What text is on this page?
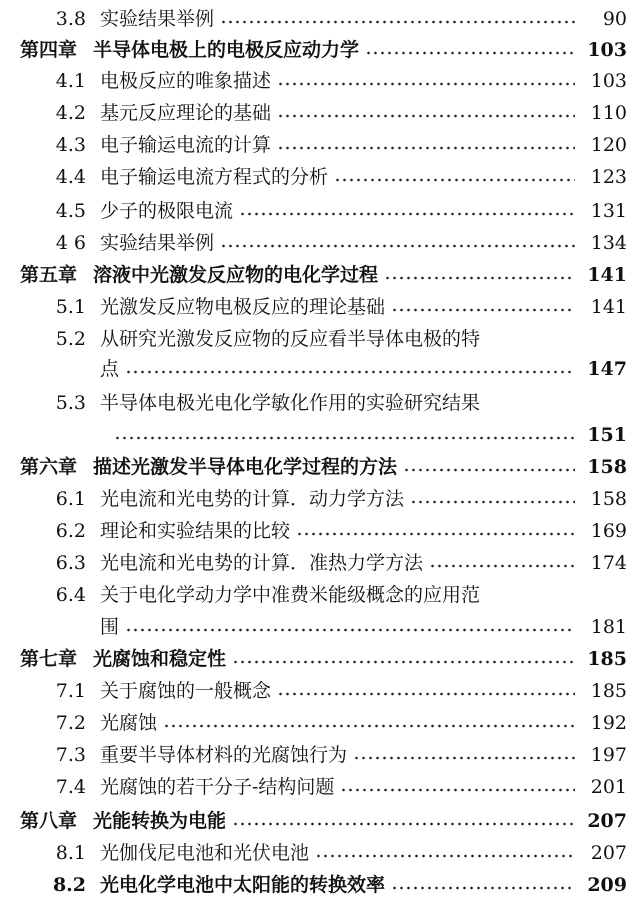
3.8 实验结果举例	90
第四章 半导体电极上的电极反应动力学	103
4.1 电极反应的唯象描述	103
4.2 基元反应理论的基础	110
4.3 电子输运电流的计算	120
4.4 电子输运电流方程式的分析	123
4.5 少子的极限电流	131
4 6 实验结果举例	134
第五章 溶液中光激发反应物的电化学过程	141
5.1 光激发反应物电极反应的理论基础	141
5.2 从研究光激发反应物的反应看半导体电极的特
点	147
5.3 半导体电极光电化学敏化作用的实验研究结果
151
第六章 描述光激发半导体电化学过程的方法	158
6.1 光电流和光电势的计算．动力学方法	158
6.2 理论和实验结果的比较	169
6.3 光电流和光电势的计算．准热力学方法	174
6.4 关于电化学动力学中准费米能级概念的应用范
围	181
第七章 光腐蚀和稳定性	185
7.1 关于腐蚀的一般概念	185
7.2 光腐蚀	192
7.3 重要半导体材料的光腐蚀行为	197
7.4 光腐蚀的若干分子-结构问题	201
第八章 光能转换为电能	207
8.1 光伽伐尼电池和光伏电池	207
8.2 光电化学电池中太阳能的转换效率	209
